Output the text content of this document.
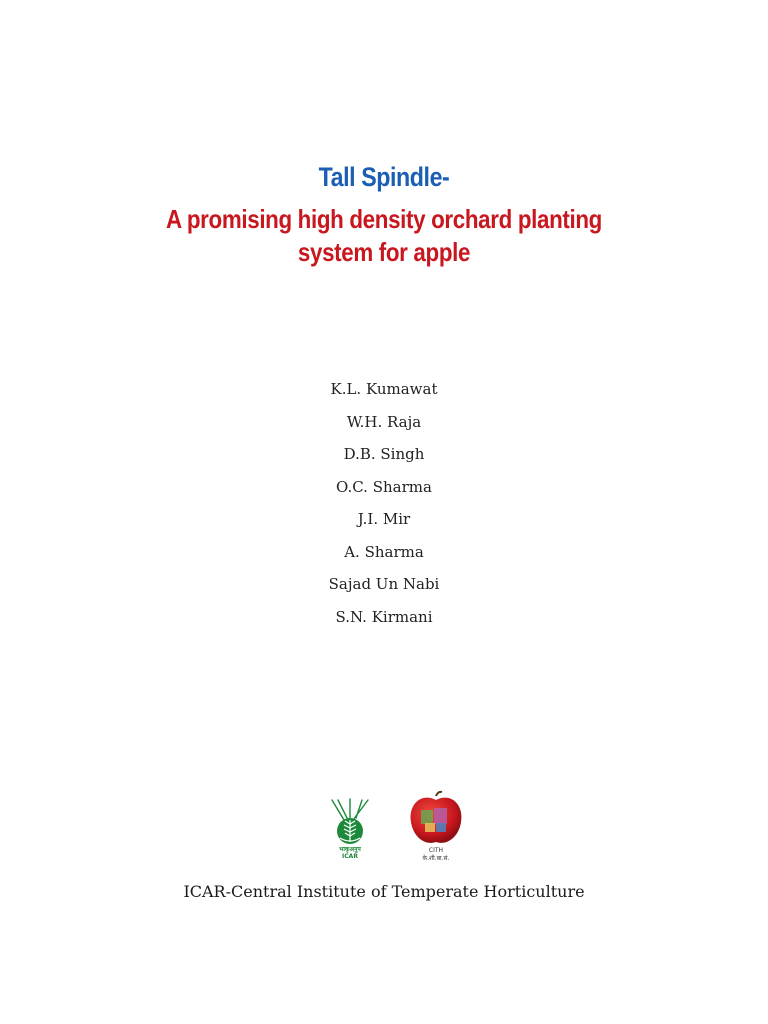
Tall Spindle-
A promising high density orchard planting
system for apple
K.L. Kumawat
W.H. Raja
D.B. Singh
O.C. Sharma
J.I. Mir
A. Sharma
Sajad Un Nabi
S.N. Kirmani
भाकृअनुप
ICAR
CITH
के.शी.बा.सं.
ICAR-Central Institute of Temperate Horticulture
